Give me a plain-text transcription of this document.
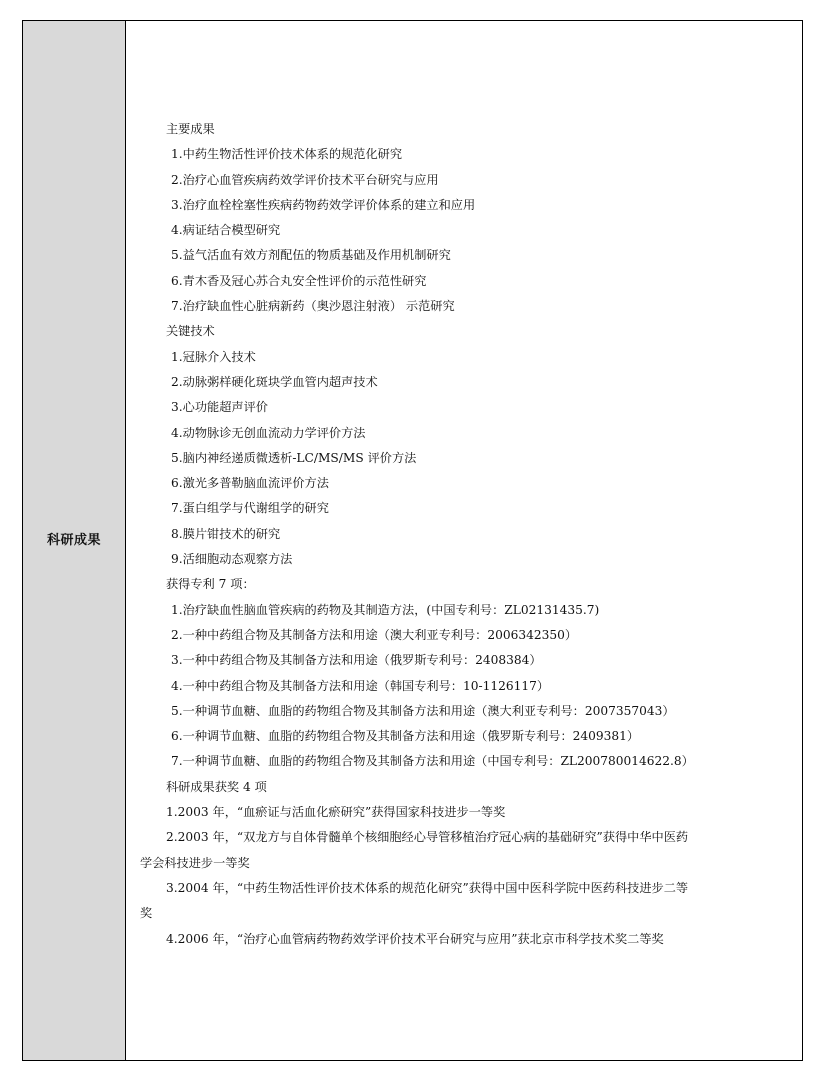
科研成果
主要成果
1.中药生物活性评价技术体系的规范化研究
2.治疗心血管疾病药效学评价技术平台研究与应用
3.治疗血栓栓塞性疾病药物药效学评价体系的建立和应用
4.病证结合模型研究
5.益气活血有效方剂配伍的物质基础及作用机制研究
6.青木香及冠心苏合丸安全性评价的示范性研究
7.治疗缺血性心脏病新药（奥沙恩注射液） 示范研究
关键技术
1.冠脉介入技术
2.动脉粥样硬化斑块学血管内超声技术
3.心功能超声评价
4.动物脉诊无创血流动力学评价方法
5.脑内神经递质微透析-LC/MS/MS 评价方法
6.激光多普勒脑血流评价方法
7.蛋白组学与代谢组学的研究
8.膜片钳技术的研究
9.活细胞动态观察方法
获得专利 7 项：
1.治疗缺血性脑血管疾病的药物及其制造方法，(中国专利号：ZL02131435.7)
2.一种中药组合物及其制备方法和用途（澳大利亚专利号：2006342350）
3.一种中药组合物及其制备方法和用途（俄罗斯专利号：2408384）
4.一种中药组合物及其制备方法和用途（韩国专利号：10-1126117）
5.一种调节血糖、血脂的药物组合物及其制备方法和用途（澳大利亚专利号：2007357043）
6.一种调节血糖、血脂的药物组合物及其制备方法和用途（俄罗斯专利号：2409381）
7.一种调节血糖、血脂的药物组合物及其制备方法和用途（中国专利号：ZL200780014622.8）
科研成果获奖 4 项
1.2003 年，“血瘀证与活血化瘀研究”获得国家科技进步一等奖
2.2003 年，“双龙方与自体骨髓单个核细胞经心导管移植治疗冠心病的基础研究”获得中华中医药
学会科技进步一等奖
3.2004 年，“中药生物活性评价技术体系的规范化研究”获得中国中医科学院中医药科技进步二等
奖
4.2006 年，“治疗心血管病药物药效学评价技术平台研究与应用”获北京市科学技术奖二等奖
